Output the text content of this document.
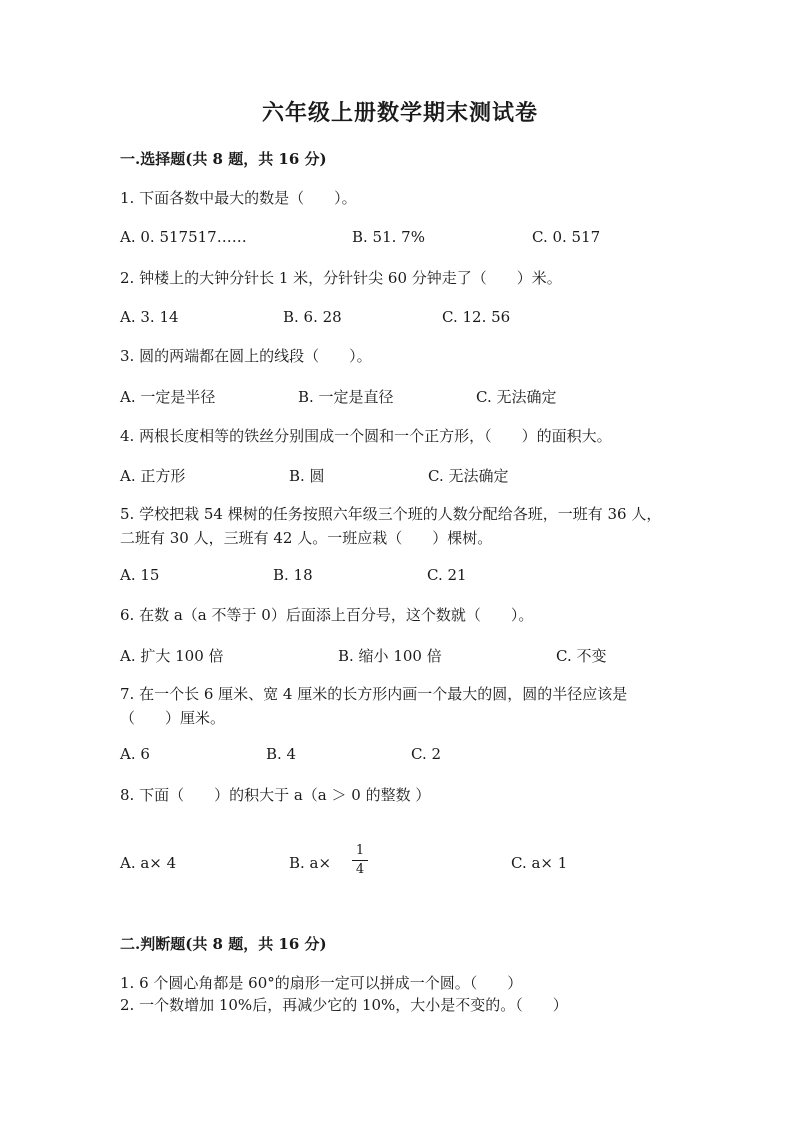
六年级上册数学期末测试卷
一.选择题(共 8 题，共 16 分)
1. 下面各数中最大的数是（　　）。
A. 0. 517517……	B. 51. 7%	C. 0. 517
2. 钟楼上的大钟分针长 1 米，分针针尖 60 分钟走了（　　）米。
A. 3. 14	B. 6. 28	C. 12. 56
3. 圆的两端都在圆上的线段（　　）。
A. 一定是半径	B. 一定是直径	C. 无法确定
4. 两根长度相等的铁丝分别围成一个圆和一个正方形，（　　）的面积大。
A. 正方形	B. 圆	C. 无法确定
5. 学校把栽 54 棵树的任务按照六年级三个班的人数分配给各班，一班有 36 人，二班有 30 人，三班有 42 人。一班应栽（　　）棵树。
A. 15	B. 18	C. 21
6. 在数 a（a 不等于 0）后面添上百分号，这个数就（　　）。
A. 扩大 100 倍	B. 缩小 100 倍	C. 不变
7. 在一个长 6 厘米、宽 4 厘米的长方形内画一个最大的圆，圆的半径应该是（　　）厘米。
A. 6	B. 4	C. 2
8. 下面（　　）的积大于 a（a ＞ 0 的整数 ）
A. a× 4	B. a×
1
4	C. a× 1
二.判断题(共 8 题，共 16 分)
1. 6 个圆心角都是 60°的扇形一定可以拼成一个圆。（　　）
2. 一个数增加 10%后，再减少它的 10%，大小是不变的。（　　）
